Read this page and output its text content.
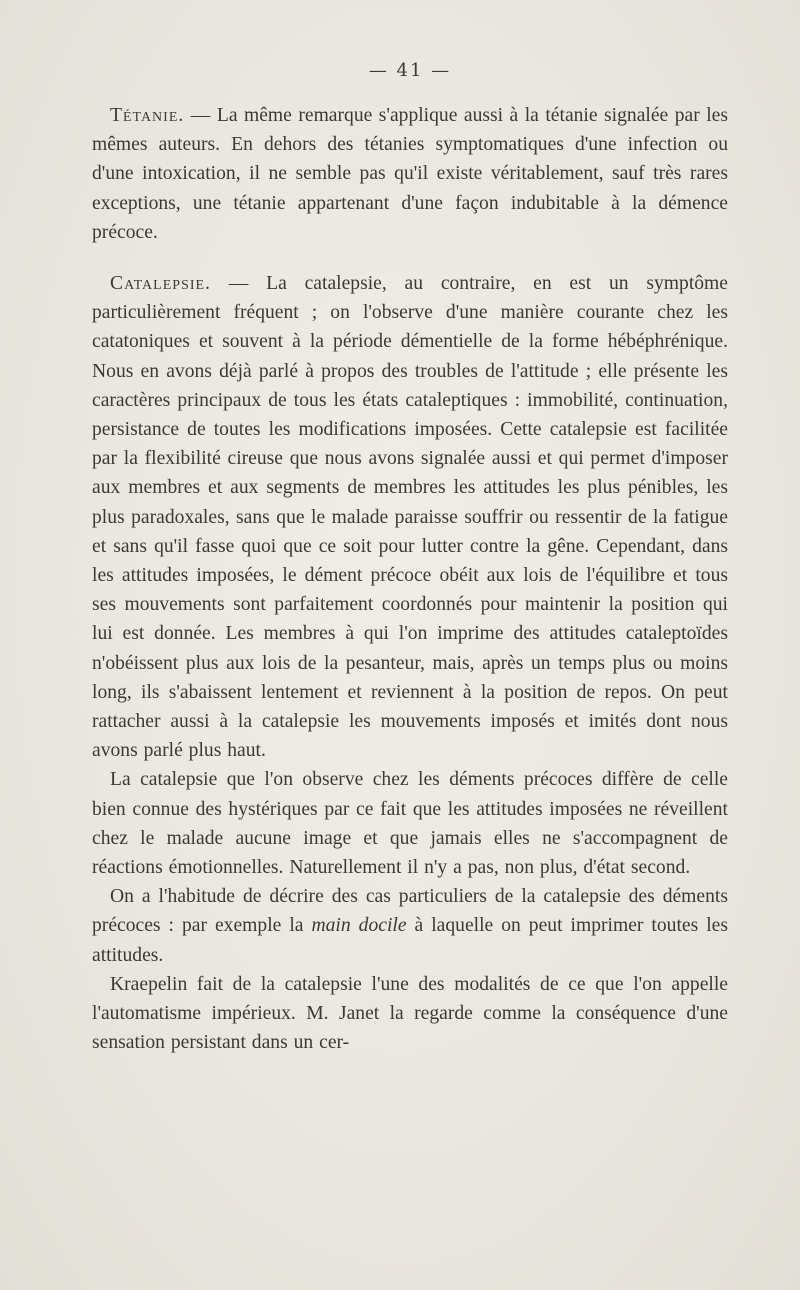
— 41 —

Tétanie. — La même remarque s'applique aussi à la tétanie signalée par les mêmes auteurs. En dehors des tétanies symptomatiques d'une infection ou d'une intoxication, il ne semble pas qu'il existe véritablement, sauf très rares exceptions, une tétanie appartenant d'une façon indubitable à la démence précoce.

Catalepsie. — La catalepsie, au contraire, en est un symptôme particulièrement fréquent ; on l'observe d'une manière courante chez les catatoniques et souvent à la période démentielle de la forme hébéphrénique. Nous en avons déjà parlé à propos des troubles de l'attitude ; elle présente les caractères principaux de tous les états cataleptiques : immobilité, continuation, persistance de toutes les modifications imposées. Cette catalepsie est facilitée par la flexibilité cireuse que nous avons signalée aussi et qui permet d'imposer aux membres et aux segments de membres les attitudes les plus pénibles, les plus paradoxales, sans que le malade paraisse souffrir ou ressentir de la fatigue et sans qu'il fasse quoi que ce soit pour lutter contre la gêne. Cependant, dans les attitudes imposées, le dément précoce obéit aux lois de l'équilibre et tous ses mouvements sont parfaitement coordonnés pour maintenir la position qui lui est donnée. Les membres à qui l'on imprime des attitudes cataleptoïdes n'obéissent plus aux lois de la pesanteur, mais, après un temps plus ou moins long, ils s'abaissent lentement et reviennent à la position de repos. On peut rattacher aussi à la catalepsie les mouvements imposés et imités dont nous avons parlé plus haut.

La catalepsie que l'on observe chez les déments précoces diffère de celle bien connue des hystériques par ce fait que les attitudes imposées ne réveillent chez le malade aucune image et que jamais elles ne s'accompagnent de réactions émotionnelles. Naturellement il n'y a pas, non plus, d'état second.

On a l'habitude de décrire des cas particuliers de la catalepsie des déments précoces : par exemple la main docile à laquelle on peut imprimer toutes les attitudes.

Kraepelin fait de la catalepsie l'une des modalités de ce que l'on appelle l'automatisme impérieux. M. Janet la regarde comme la conséquence d'une sensation persistant dans un cer-
